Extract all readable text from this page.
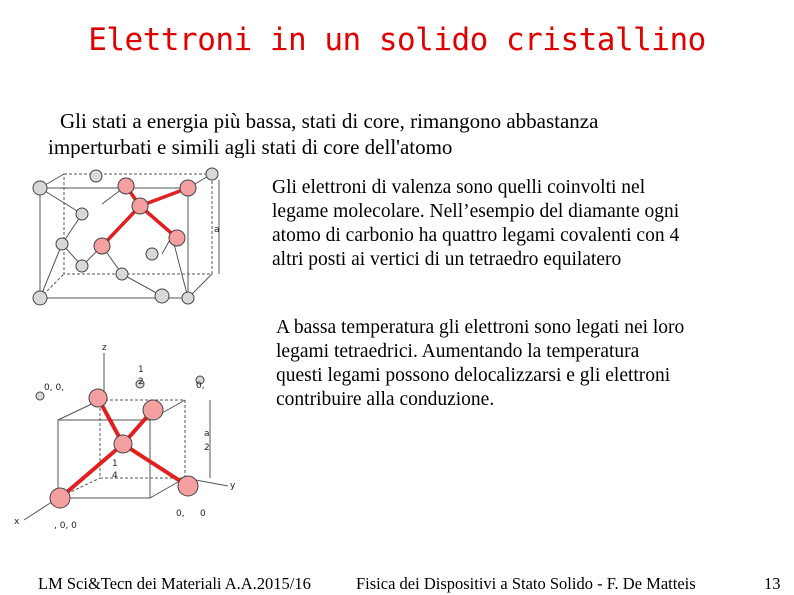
Elettroni in un solido cristallino
Gli stati a energia più bassa, stati di core, rimangono abbastanza
imperturbati e simili agli stati di core dell'atomo
a
z
x
y
a
2
0, 0,
1
2	0,
1
4
0, 0
, 0, 0
Gli elettroni di valenza sono quelli coinvolti nel
legame molecolare. Nell’esempio del diamante ogni
atomo di carbonio ha quattro legami covalenti con 4
altri posti ai vertici di un tetraedro equilatero
A bassa temperatura gli elettroni sono legati nei loro
legami tetraedrici. Aumentando la temperatura
questi legami possono delocalizzarsi e gli elettroni
contribuire alla conduzione.
LM Sci&Tecn dei Materiali A.A.2015/16	Fisica dei Dispositivi a Stato Solido - F. De Matteis	13
